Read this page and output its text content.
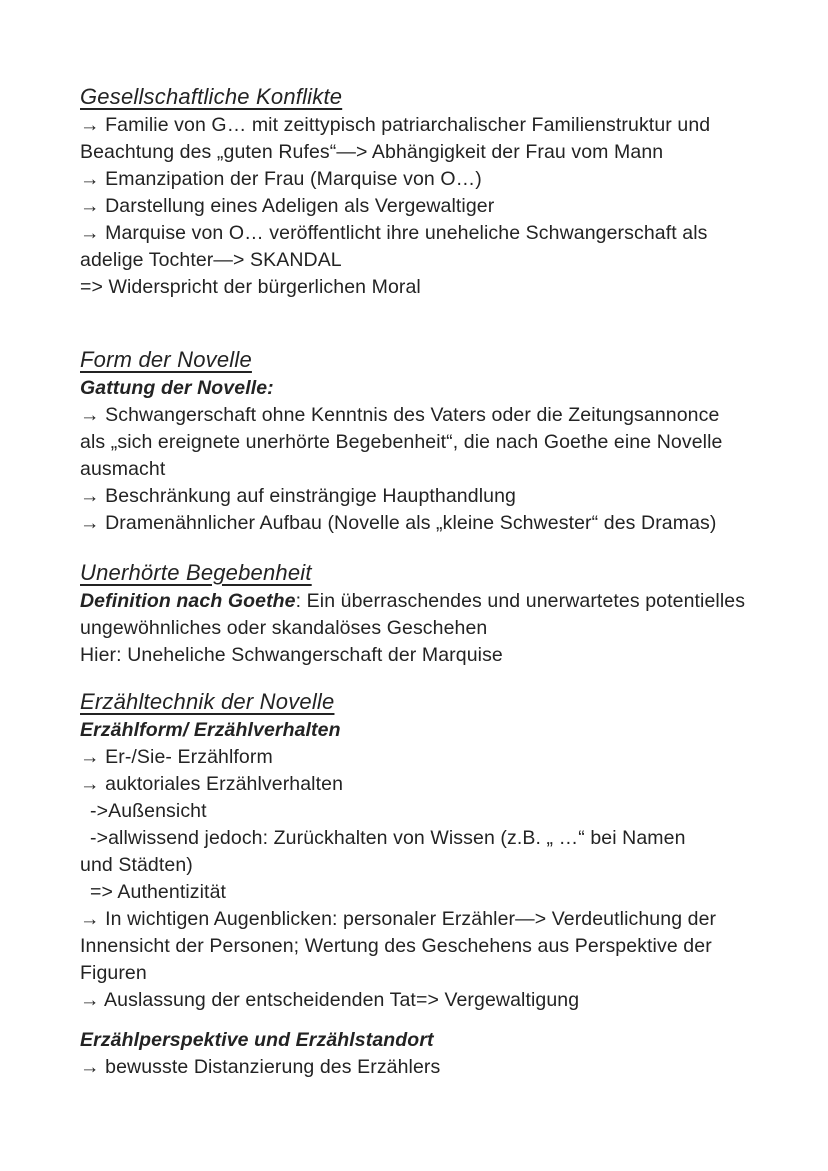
Gesellschaftliche Konflikte

→ Familie von G… mit zeittypisch patriarchalischer Familienstruktur und

Beachtung des „guten Rufes“—> Abhängigkeit der Frau vom Mann

→ Emanzipation der Frau (Marquise von O…)

→ Darstellung eines Adeligen als Vergewaltiger

→ Marquise von O… veröffentlicht ihre uneheliche Schwangerschaft als

adelige Tochter—> SKANDAL

=> Widerspricht der bürgerlichen Moral

Form der Novelle

Gattung der Novelle:

→ Schwangerschaft ohne Kenntnis des Vaters oder die Zeitungsannonce

als „sich ereignete unerhörte Begebenheit“, die nach Goethe eine Novelle

ausmacht

→ Beschränkung auf einsträngige Haupthandlung

→ Dramenähnlicher Aufbau (Novelle als „kleine Schwester“ des Dramas)

Unerhörte Begebenheit

Definition nach Goethe: Ein überraschendes und unerwartetes potentielles

ungewöhnliches oder skandalöses Geschehen

Hier: Uneheliche Schwangerschaft der Marquise

Erzähltechnik der Novelle

Erzählform/ Erzählverhalten

→ Er-/Sie- Erzählform

→ auktoriales Erzählverhalten

->Außensicht

->allwissend jedoch: Zurückhalten von Wissen (z.B. „ …“ bei Namen

und Städten)

=> Authentizität

→ In wichtigen Augenblicken: personaler Erzähler—> Verdeutlichung der

Innensicht der Personen; Wertung des Geschehens aus Perspektive der

Figuren

→ Auslassung der entscheidenden Tat=> Vergewaltigung

Erzählperspektive und Erzählstandort

→ bewusste Distanzierung des Erzählers
